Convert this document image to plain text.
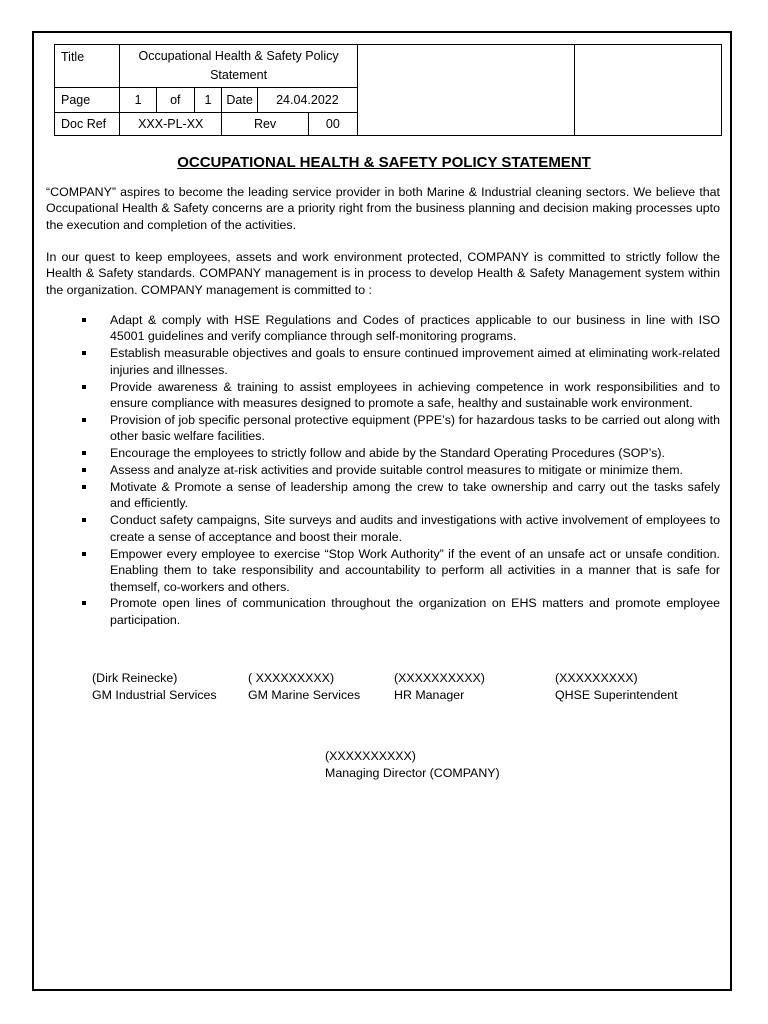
Title	Occupational Health & Safety Policy Statement							
Page	1	of	1	Date	24.04.2022			
Doc Ref	XXX-PL-XX			Rev		00		
OCCUPATIONAL HEALTH & SAFETY POLICY STATEMENT

“COMPANY” aspires to become the leading service provider in both Marine & Industrial cleaning sectors. We believe that Occupational Health & Safety concerns are a priority right from the business planning and decision making processes upto the execution and completion of the activities.

In our quest to keep employees, assets and work environment protected, COMPANY is committed to strictly follow the Health & Safety standards. COMPANY management is in process to develop Health & Safety Management system within the organization. COMPANY management is committed to :

Adapt & comply with HSE Regulations and Codes of practices applicable to our business in line with ISO 45001 guidelines and verify compliance through self-monitoring programs.
Establish measurable objectives and goals to ensure continued improvement aimed at eliminating work-related injuries and illnesses.
Provide awareness & training to assist employees in achieving competence in work responsibilities and to ensure compliance with measures designed to promote a safe, healthy and sustainable work environment.
Provision of job specific personal protective equipment (PPE’s) for hazardous tasks to be carried out along with other basic welfare facilities.
Encourage the employees to strictly follow and abide by the Standard Operating Procedures (SOP’s).
Assess and analyze at-risk activities and provide suitable control measures to mitigate or minimize them.
Motivate & Promote a sense of leadership among the crew to take ownership and carry out the tasks safely and efficiently.
Conduct safety campaigns, Site surveys and audits and investigations with active involvement of employees to create a sense of acceptance and boost their morale.
Empower every employee to exercise “Stop Work Authority” if the event of an unsafe act or unsafe condition. Enabling them to take responsibility and accountability to perform all activities in a manner that is safe for themself, co-workers and others.
Promote open lines of communication throughout the organization on EHS matters and promote employee participation.
(Dirk Reinecke)
GM Industrial Services
( XXXXXXXXX)
GM Marine Services
(XXXXXXXXXX)
HR Manager
(XXXXXXXXX)
QHSE Superintendent
(XXXXXXXXXX)
Managing Director (COMPANY)
